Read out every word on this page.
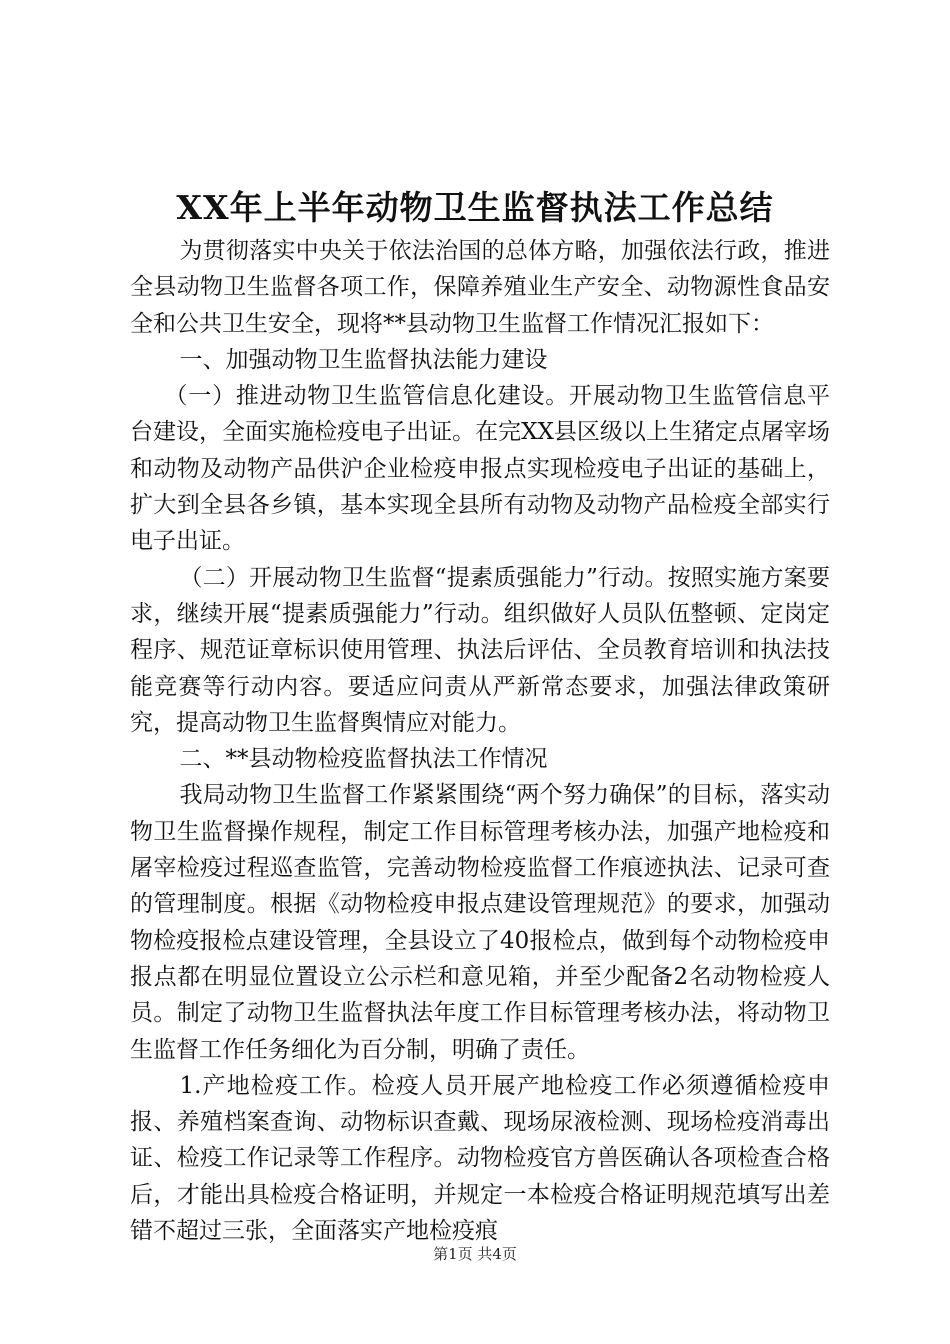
XX年上半年动物卫生监督执法工作总结

为贯彻落实中央关于依法治国的总体方略，加强依法行政，推进全县动物卫生监督各项工作，保障养殖业生产安全、动物源性食品安全和公共卫生安全，现将**县动物卫生监督工作情况汇报如下：

一、加强动物卫生监督执法能力建设

（一）推进动物卫生监管信息化建设。开展动物卫生监管信息平台建设，全面实施检疫电子出证。在完XX县区级以上生猪定点屠宰场和动物及动物产品供沪企业检疫申报点实现检疫电子出证的基础上，扩大到全县各乡镇，基本实现全县所有动物及动物产品检疫全部实行电子出证。

（二）开展动物卫生监督“提素质强能力”行动。按照实施方案要求，继续开展“提素质强能力”行动。组织做好人员队伍整顿、定岗定程序、规范证章标识使用管理、执法后评估、全员教育培训和执法技能竞赛等行动内容。要适应问责从严新常态要求，加强法律政策研究，提高动物卫生监督舆情应对能力。

二、**县动物检疫监督执法工作情况

我局动物卫生监督工作紧紧围绕“两个努力确保”的目标，落实动物卫生监督操作规程，制定工作目标管理考核办法，加强产地检疫和屠宰检疫过程巡查监管，完善动物检疫监督工作痕迹执法、记录可查的管理制度。根据《动物检疫申报点建设管理规范》的要求，加强动物检疫报检点建设管理，全县设立了40报检点，做到每个动物检疫申报点都在明显位置设立公示栏和意见箱，并至少配备2名动物检疫人员。制定了动物卫生监督执法年度工作目标管理考核办法，将动物卫生监督工作任务细化为百分制，明确了责任。

1.产地检疫工作。检疫人员开展产地检疫工作必须遵循检疫申报、养殖档案查询、动物标识查戴、现场尿液检测、现场检疫消毒出证、检疫工作记录等工作程序。动物检疫官方兽医确认各项检查合格后，才能出具检疫合格证明，并规定一本检疫合格证明规范填写出差错不超过三张，全面落实产地检疫痕

第1页 共4页
